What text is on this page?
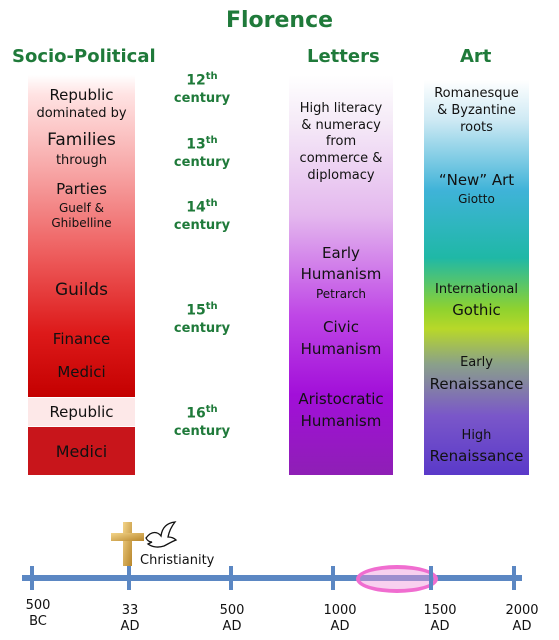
Florence
Socio-Political	Letters	Art
12th
century
13th
century
14th
century
15th
century
16th
century
Republic
dominated by
Families
through
Parties
Guelf &
Ghibelline
Guilds
Finance
Medici
Republic
Medici
High literacy
& numeracy
from
commerce &
diplomacy
Early
Humanism
Petrarch
Civic
Humanism
Aristocratic
Humanism
Romanesque
& Byzantine
roots
“New” Art
Giotto
International
Gothic
Early
Renaissance
High
Renaissance
Christianity
500
BC
33
AD
500
AD
1000
AD
1500
AD
2000
AD
